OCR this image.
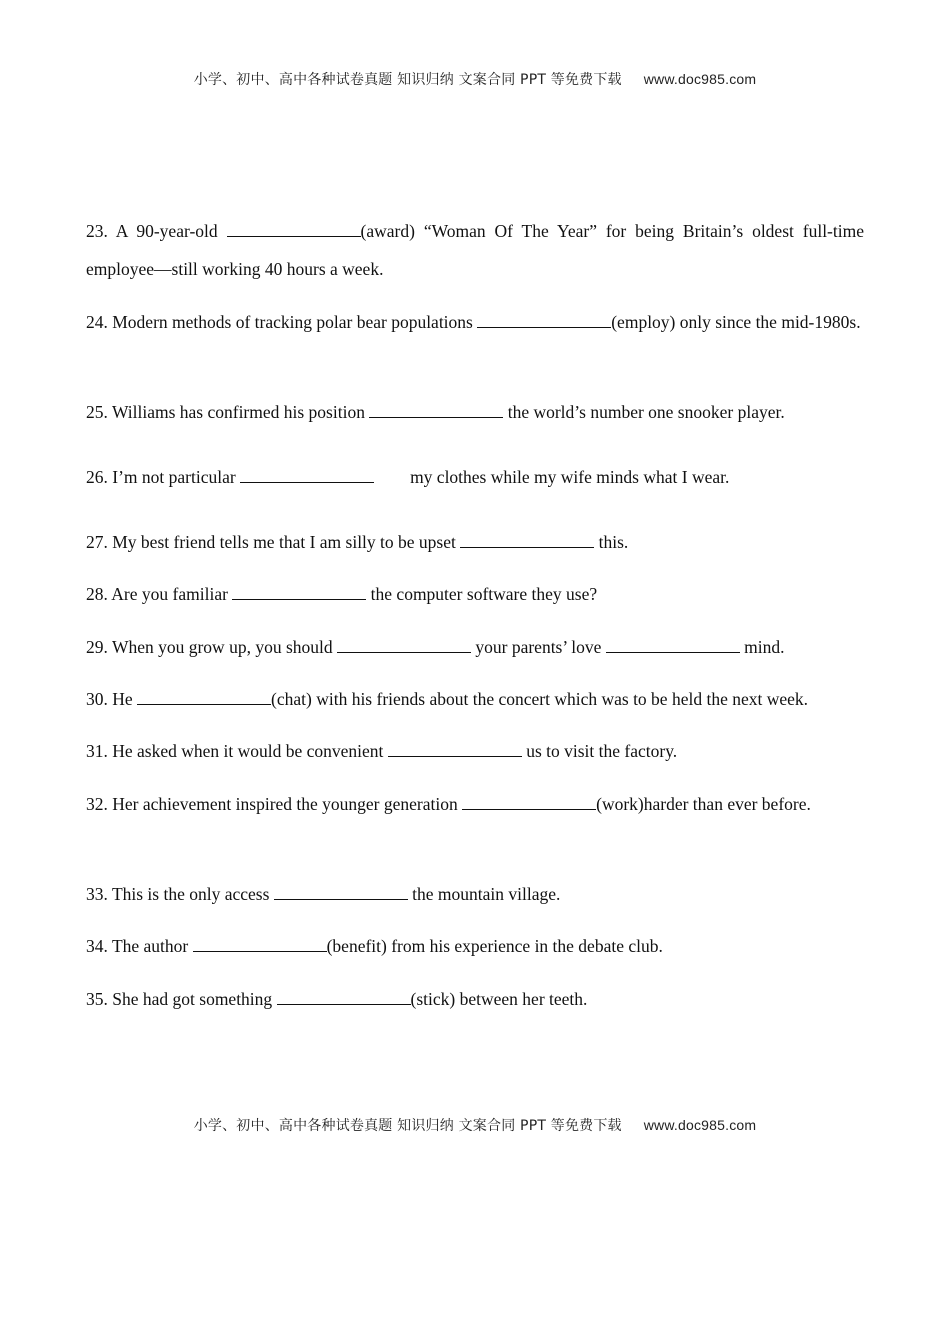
小学、初中、高中各种试卷真题 知识归纳 文案合同 PPT 等免费下载 www.doc985.com
23. A 90-year-old	(award) “Woman Of The Year” for being Britain’s oldest full-time employee—still working 40 hours a week.
24. Modern methods of tracking polar bear populations	(employ) only since the mid-1980s.
25. Williams has confirmed his position	the world’s number one snooker player.
26. I’m not particular	my clothes while my wife minds what I wear.
27. My best friend tells me that I am silly to be upset	this.
28. Are you familiar	the computer software they use?
29. When you grow up, you should	your parents’ love	mind.
30. He	(chat) with his friends about the concert which was to be held the next week.
31. He asked when it would be convenient	us to visit the factory.
32. Her achievement inspired the younger generation	(work)harder than ever before.
33. This is the only access	the mountain village.
34. The author	(benefit) from his experience in the debate club.
35. She had got something	(stick) between her teeth.
小学、初中、高中各种试卷真题 知识归纳 文案合同 PPT 等免费下载 www.doc985.com
